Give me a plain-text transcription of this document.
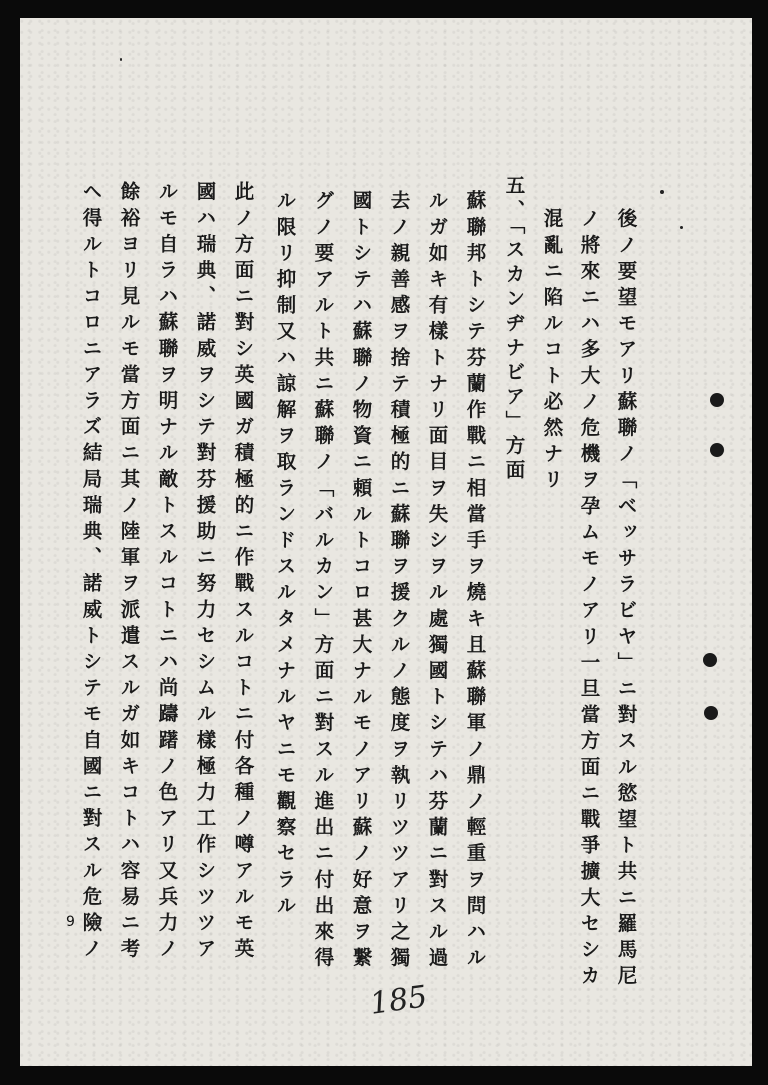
後ノ要望モアリ蘇聯ノ「ベッサラビヤ」ニ對スル慾望ト共ニ羅馬尼
ノ將來ニハ多大ノ危機ヲ孕ムモノアリ一旦當方面ニ戰爭擴大セシカ
混亂ニ陷ルコト必然ナリ
五、「スカンヂナビア」方面
蘇聯邦トシテ芬蘭作戰ニ相當手ヲ燒キ且蘇聯軍ノ鼎ノ輕重ヲ問ハル
ルガ如キ有樣トナリ面目ヲ失シヲル處獨國トシテハ芬蘭ニ對スル過
去ノ親善感ヲ捨テ積極的ニ蘇聯ヲ援クルノ態度ヲ執リツツアリ之獨
國トシテハ蘇聯ノ物資ニ頼ルトコロ甚大ナルモノアリ蘇ノ好意ヲ繋
グノ要アルト共ニ蘇聯ノ「バルカン」方面ニ對スル進出ニ付出來得
ル限リ抑制又ハ諒解ヲ取ランドスルタメナルヤニモ觀察セラル
此ノ方面ニ對シ英國ガ積極的ニ作戰スルコトニ付各種ノ噂アルモ英
國ハ瑞典、諾威ヲシテ對芬援助ニ努力セシムル樣極力工作シツツア
ルモ自ラハ蘇聯ヲ明ナル敵トスルコトニハ尚躊躇ノ色アリ又兵力ノ
餘裕ヨリ見ルモ當方面ニ其ノ陸軍ヲ派遣スルガ如キコトハ容易ニ考
ヘ得ルトコロニアラズ結局瑞典、諾威トシテモ自國ニ對スル危險ノ
9
185
